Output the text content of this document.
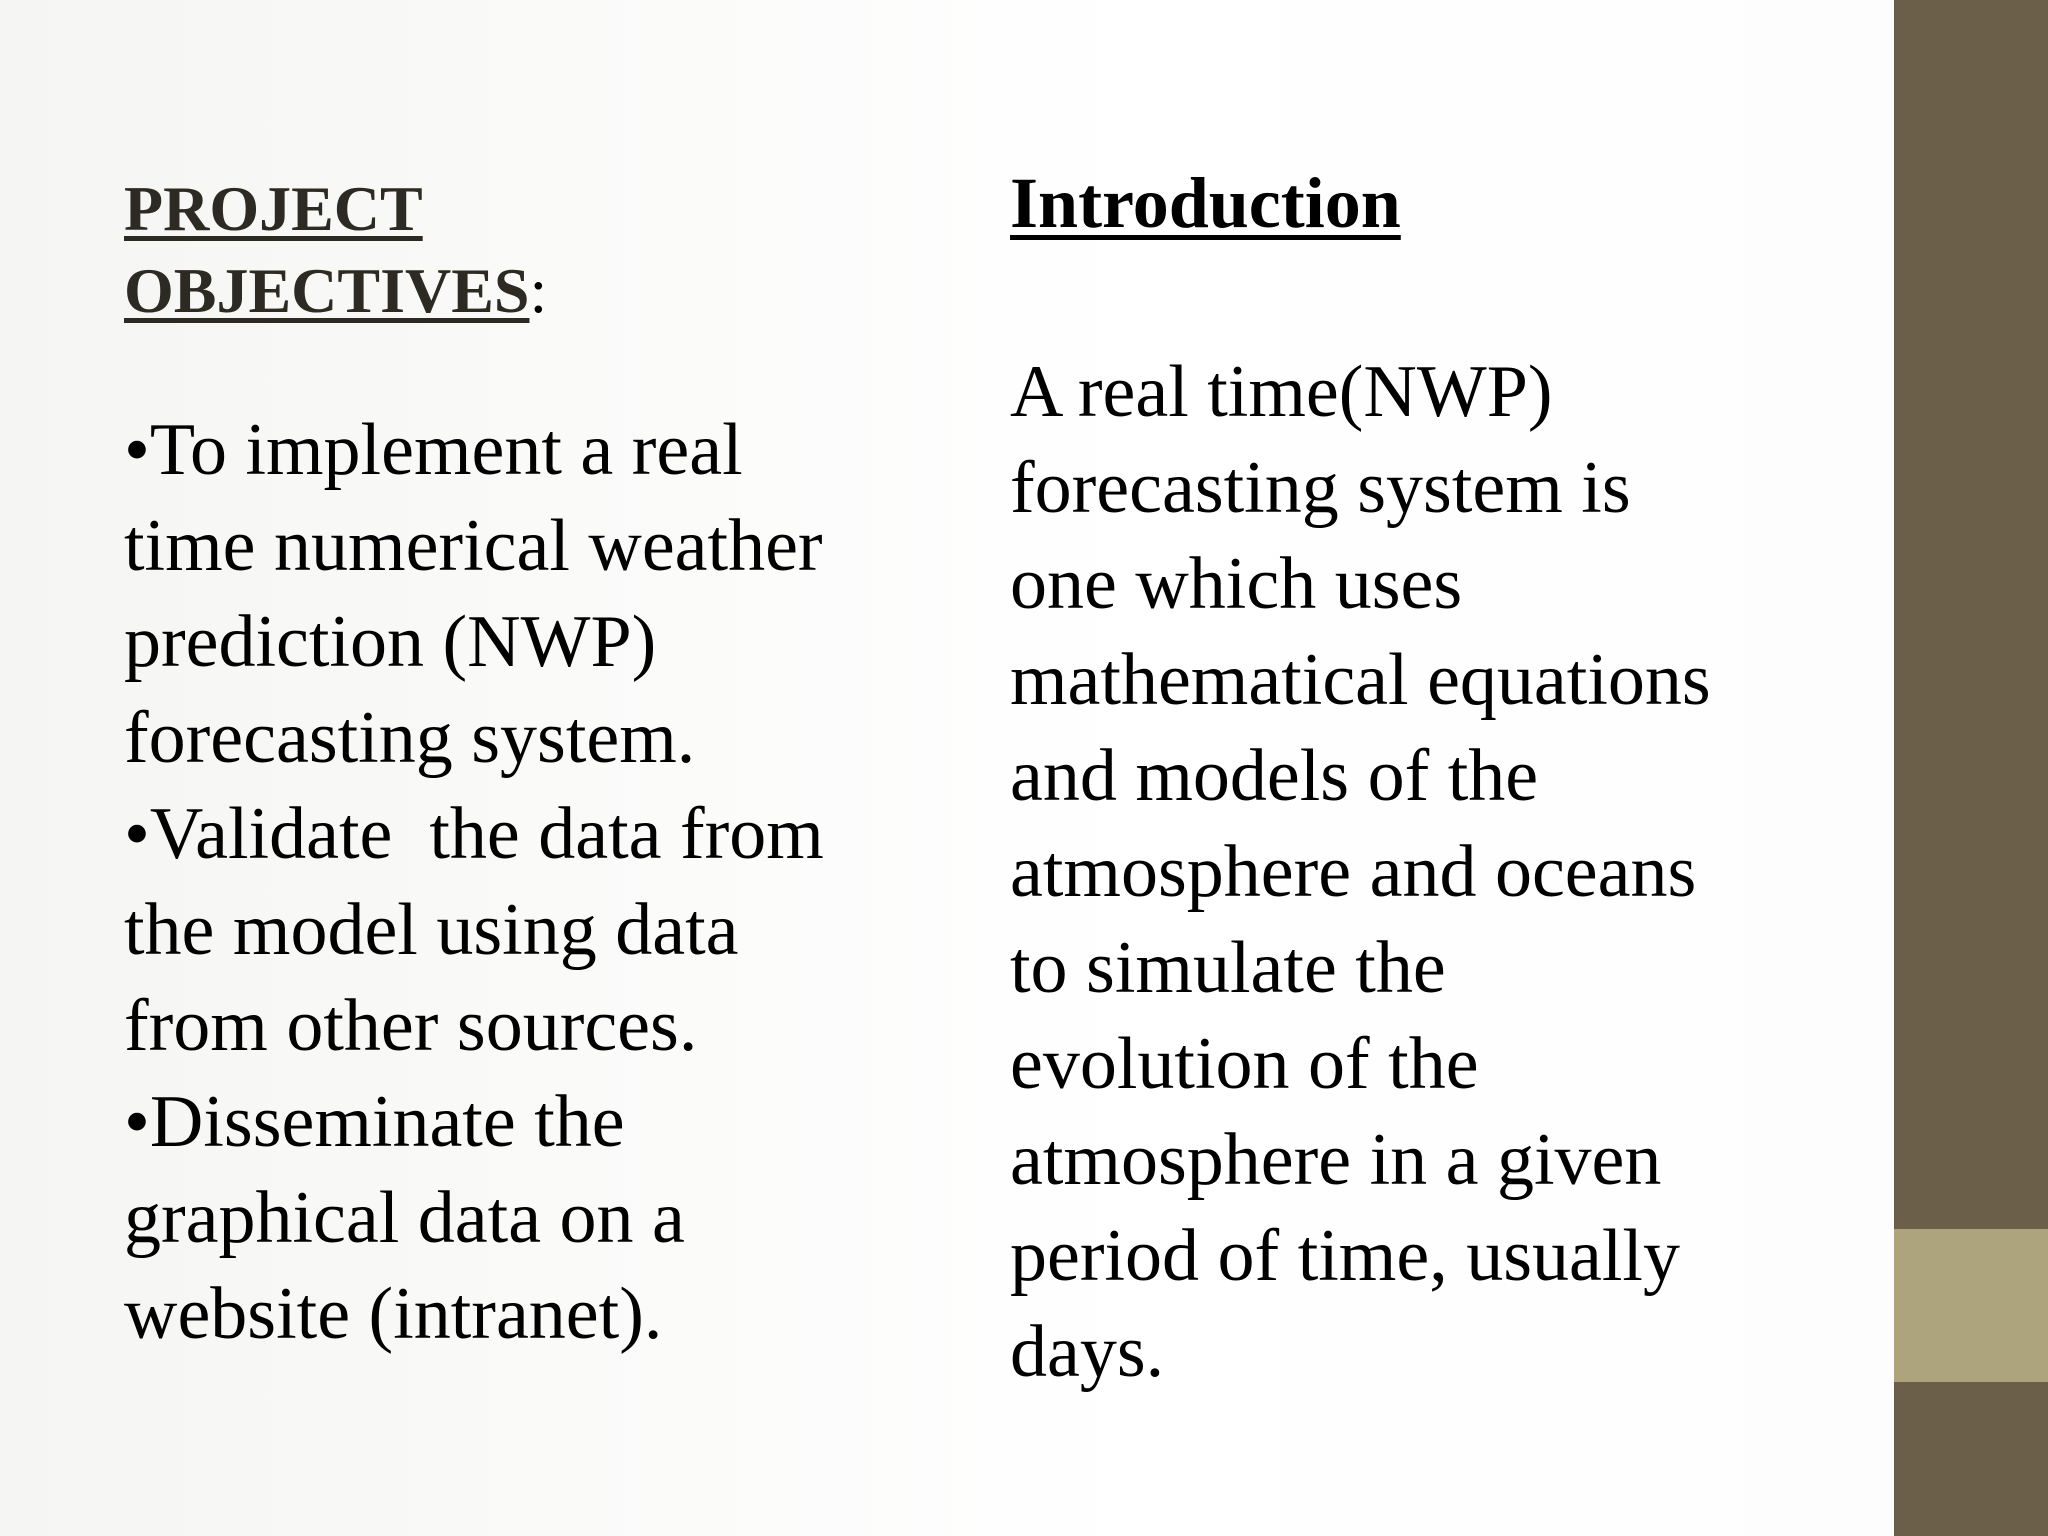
PROJECT
OBJECTIVES:
•To implement a real
time numerical weather
prediction (NWP)
forecasting system.
•Validate  the data from
the model using data
from other sources.
•Disseminate the
graphical data on a
website (intranet).
Introduction
A real time(NWP)
forecasting system is
one which uses
mathematical equations
and models of the
atmosphere and oceans
to simulate the
evolution of the
atmosphere in a given
period of time, usually
days.
